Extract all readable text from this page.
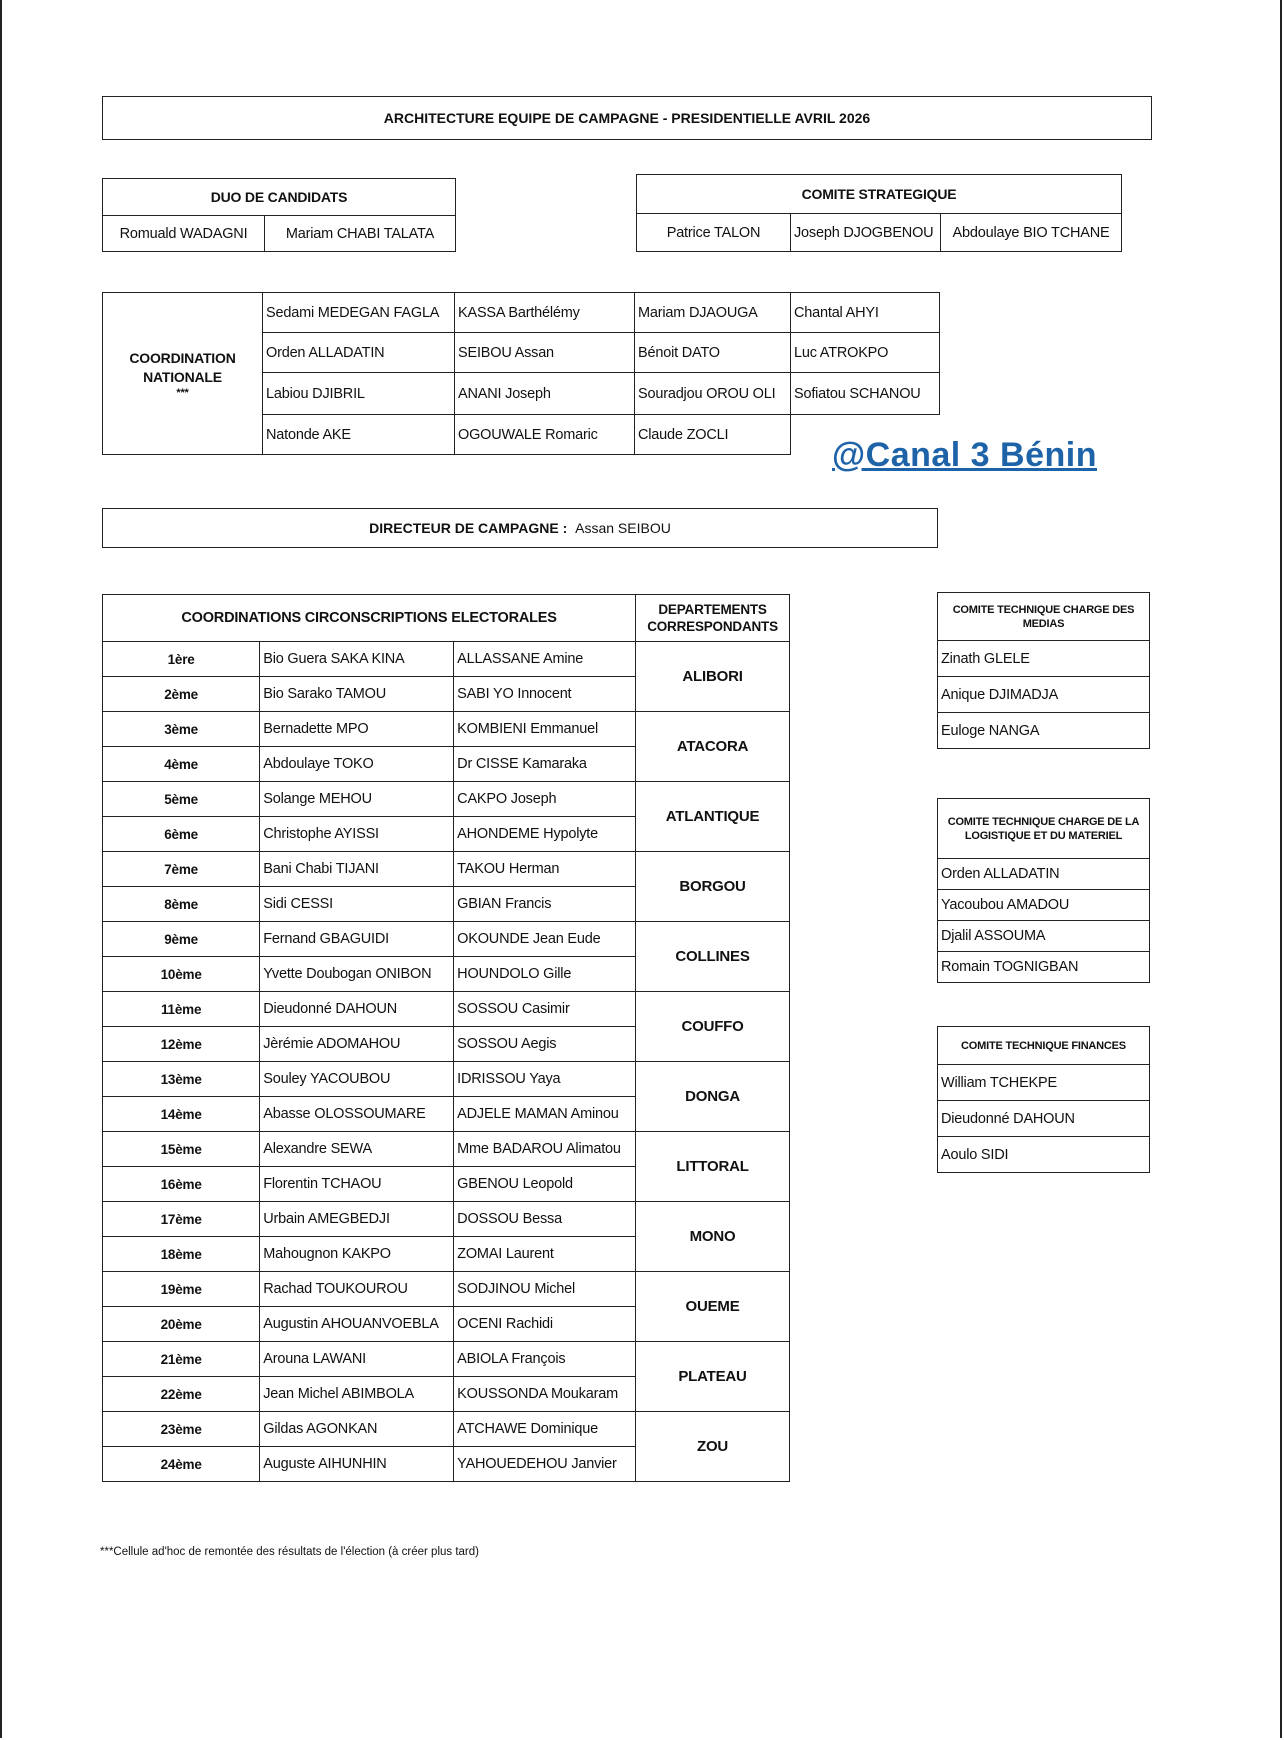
ARCHITECTURE EQUIPE DE CAMPAGNE - PRESIDENTIELLE AVRIL 2026
DUO DE CANDIDATS
Romuald WADAGNI	Mariam CHABI TALATA
COMITE STRATEGIQUE
Patrice TALON	Joseph DJOGBENOU	Abdoulaye BIO TCHANE
COORDINATION
NATIONALE
***	Sedami MEDEGAN FAGLA	KASSA Barthélémy	Mariam DJAOUGA	Chantal AHYI
	Orden ALLADATIN	SEIBOU Assan	Bénoit DATO	Luc ATROKPO
	Labiou DJIBRIL	ANANI Joseph	Souradjou OROU OLI	Sofiatou SCHANOU
	Natonde AKE	OGOUWALE Romaric	Claude ZOCLI	
@Canal 3 Bénin
DIRECTEUR DE CAMPAGNE : Assan SEIBOU
COORDINATIONS CIRCONSCRIPTIONS ELECTORALES			DEPARTEMENTS
CORRESPONDANTS

1ère	Bio Guera SAKA KINA	ALLASSANE Amine	ALIBORI
2ème	Bio Sarako TAMOU	SABI YO Innocent	
3ème	Bernadette MPO	KOMBIENI Emmanuel	ATACORA
4ème	Abdoulaye TOKO	Dr CISSE Kamaraka	
5ème	Solange MEHOU	CAKPO Joseph	ATLANTIQUE
6ème	Christophe AYISSI	AHONDEME Hypolyte	
7ème	Bani Chabi TIJANI	TAKOU Herman	BORGOU
8ème	Sidi CESSI	GBIAN Francis	
9ème	Fernand GBAGUIDI	OKOUNDE Jean Eude	COLLINES
10ème	Yvette Doubogan ONIBON	HOUNDOLO Gille	
11ème	Dieudonné DAHOUN	SOSSOU Casimir	COUFFO
12ème	Jèrémie ADOMAHOU	SOSSOU Aegis	
13ème	Souley YACOUBOU	IDRISSOU Yaya	DONGA
14ème	Abasse OLOSSOUMARE	ADJELE MAMAN Aminou	
15ème	Alexandre SEWA	Mme BADAROU Alimatou	LITTORAL
16ème	Florentin TCHAOU	GBENOU Leopold	
17ème	Urbain AMEGBEDJI	DOSSOU Bessa	MONO
18ème	Mahougnon KAKPO	ZOMAI Laurent	
19ème	Rachad TOUKOUROU	SODJINOU Michel	OUEME
20ème	Augustin AHOUANVOEBLA	OCENI Rachidi	
21ème	Arouna LAWANI	ABIOLA François	PLATEAU
22ème	Jean Michel ABIMBOLA	KOUSSONDA Moukaram	
23ème	Gildas AGONKAN	ATCHAWE Dominique	ZOU
24ème	Auguste AIHUNHIN	YAHOUEDEHOU Janvier	
COMITE TECHNIQUE CHARGE DES MEDIAS
Zinath GLELE
Anique DJIMADJA
Euloge NANGA
COMITE TECHNIQUE CHARGE DE LA LOGISTIQUE ET DU MATERIEL
Orden ALLADATIN
Yacoubou AMADOU
Djalil ASSOUMA
Romain TOGNIGBAN
COMITE TECHNIQUE FINANCES
William TCHEKPE
Dieudonné DAHOUN
Aoulo SIDI
***Cellule ad'hoc de remontée des résultats de l'élection (à créer plus tard)
